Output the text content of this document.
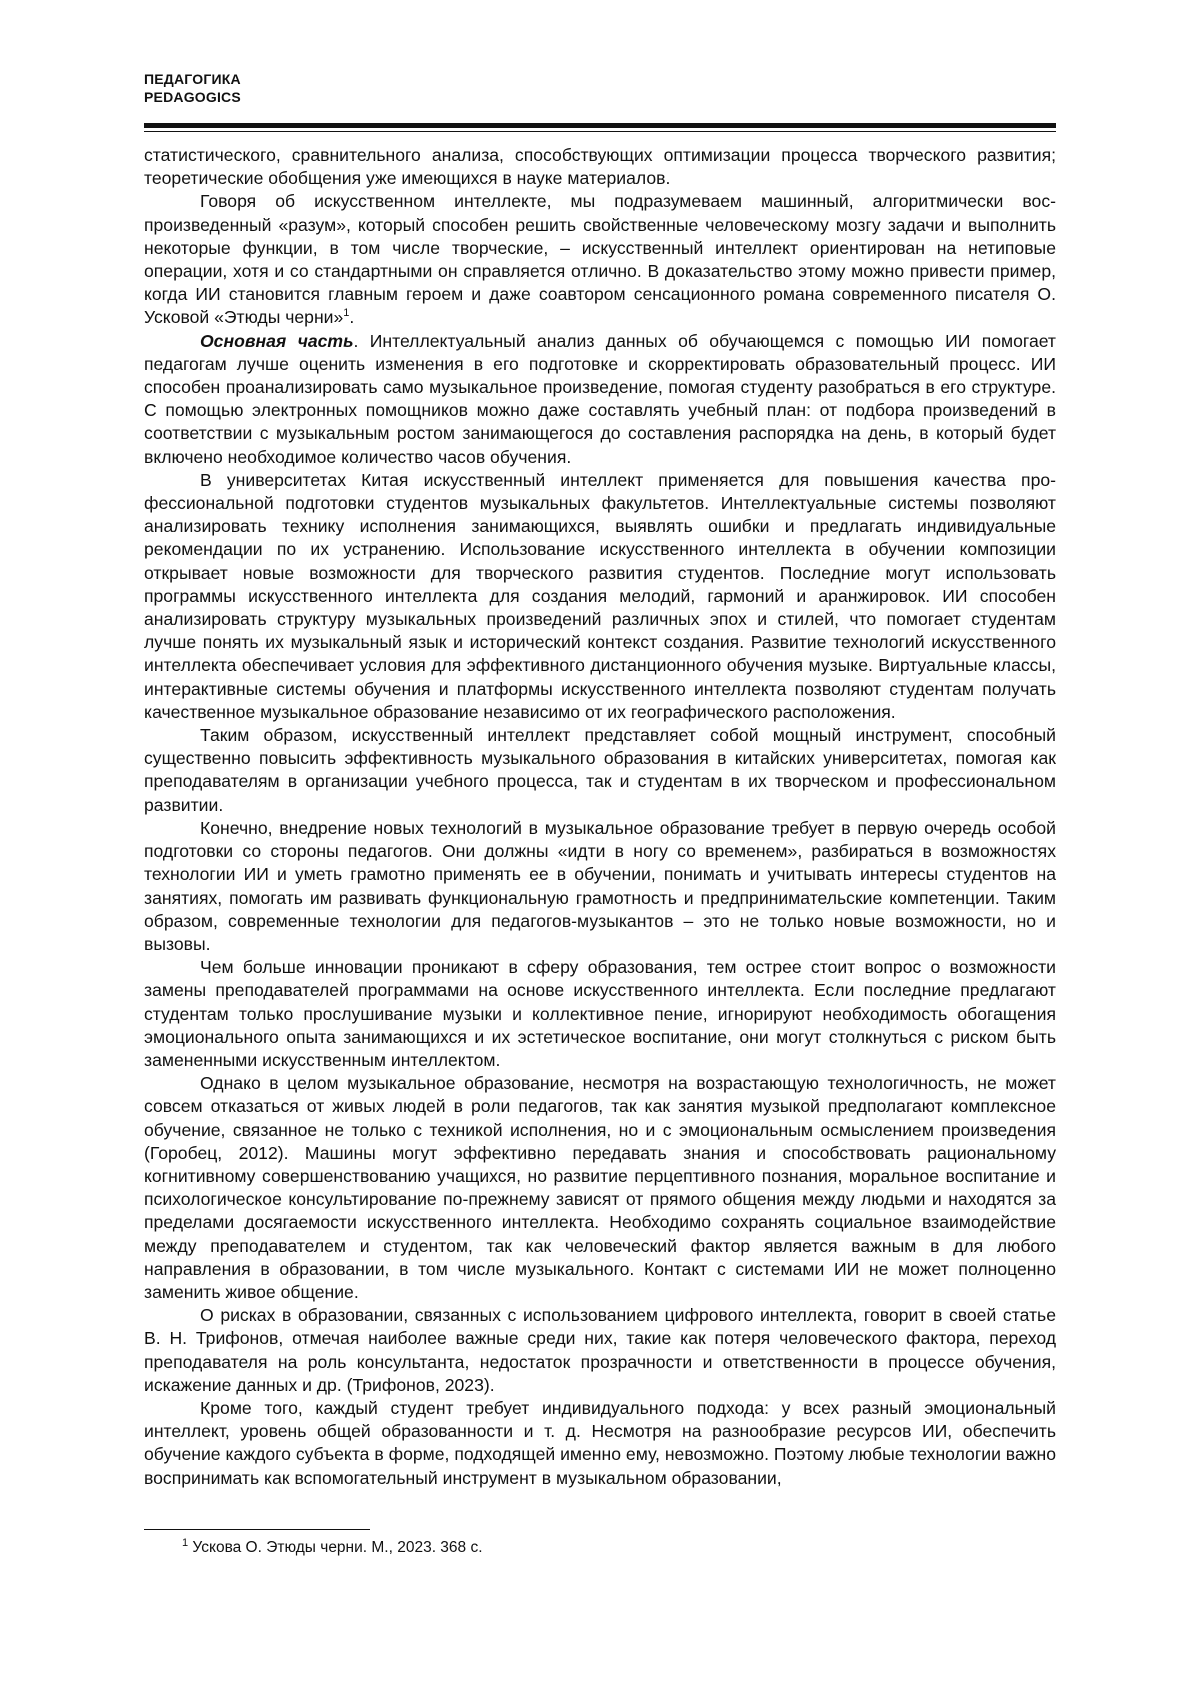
ПЕДАГОГИКА
PEDAGOGICS

статистического, сравнительного анализа, способствующих оптимизации процесса творческого развития; теоретические обобщения уже имеющихся в науке материалов.

Говоря об искусственном интеллекте, мы подразумеваем машинный, алгоритмически воспроизведенный «разум», который способен решить свойственные человеческому мозгу задачи и выполнить некоторые функции, в том числе творческие, – искусственный интеллект ориентирован на нетиповые операции, хотя и со стандартными он справляется отлично. В доказательство этому можно привести пример, когда ИИ становится главным героем и даже соавтором сенсационного романа современного писателя О. Усковой «Этюды черни»$^1$.

Основная часть. Интеллектуальный анализ данных об обучающемся с помощью ИИ помогает педагогам лучше оценить изменения в его подготовке и скорректировать образовательный процесс. ИИ способен проанализировать само музыкальное произведение, помогая студенту разобраться в его структуре. С помощью электронных помощников можно даже составлять учебный план: от подбора произведений в соответствии с музыкальным ростом занимающегося до составления распорядка на день, в который будет включено необходимое количество часов обучения.

В университетах Китая искусственный интеллект применяется для повышения качества профессиональной подготовки студентов музыкальных факультетов. Интеллектуальные системы позволяют анализировать технику исполнения занимающихся, выявлять ошибки и предлагать индивидуальные рекомендации по их устранению. Использование искусственного интеллекта в обучении композиции открывает новые возможности для творческого развития студентов. Последние могут использовать программы искусственного интеллекта для создания мелодий, гармоний и аранжировок. ИИ способен анализировать структуру музыкальных произведений различных эпох и стилей, что помогает студентам лучше понять их музыкальный язык и исторический контекст создания. Развитие технологий искусственного интеллекта обеспечивает условия для эффективного дистанционного обучения музыке. Виртуальные классы, интерактивные системы обучения и платформы искусственного интеллекта позволяют студентам получать качественное музыкальное образование независимо от их географического расположения.

Таким образом, искусственный интеллект представляет собой мощный инструмент, способный существенно повысить эффективность музыкального образования в китайских университетах, помогая как преподавателям в организации учебного процесса, так и студентам в их творческом и профессиональном развитии.

Конечно, внедрение новых технологий в музыкальное образование требует в первую очередь особой подготовки со стороны педагогов. Они должны «идти в ногу со временем», разбираться в возможностях технологии ИИ и уметь грамотно применять ее в обучении, понимать и учитывать интересы студентов на занятиях, помогать им развивать функциональную грамотность и предпринимательские компетенции. Таким образом, современные технологии для педагогов-музыкантов – это не только новые возможности, но и вызовы.

Чем больше инновации проникают в сферу образования, тем острее стоит вопрос о возможности замены преподавателей программами на основе искусственного интеллекта. Если последние предлагают студентам только прослушивание музыки и коллективное пение, игнорируют необходимость обогащения эмоционального опыта занимающихся и их эстетическое воспитание, они могут столкнуться с риском быть замененными искусственным интеллектом.

Однако в целом музыкальное образование, несмотря на возрастающую технологичность, не может совсем отказаться от живых людей в роли педагогов, так как занятия музыкой предполагают комплексное обучение, связанное не только с техникой исполнения, но и с эмоциональным осмыслением произведения (Горобец, 2012). Машины могут эффективно передавать знания и способствовать рациональному когнитивному совершенствованию учащихся, но развитие перцептивного познания, моральное воспитание и психологическое консультирование по-прежнему зависят от прямого общения между людьми и находятся за пределами досягаемости искусственного интеллекта. Необходимо сохранять социальное взаимодействие между преподавателем и студентом, так как человеческий фактор является важным в для любого направления в образовании, в том числе музыкального. Контакт с системами ИИ не может полноценно заменить живое общение.

О рисках в образовании, связанных с использованием цифрового интеллекта, говорит в своей статье В. Н. Трифонов, отмечая наиболее важные среди них, такие как потеря человеческого фактора, переход преподавателя на роль консультанта, недостаток прозрачности и ответственности в процессе обучения, искажение данных и др. (Трифонов, 2023).

Кроме того, каждый студент требует индивидуального подхода: у всех разный эмоциональный интеллект, уровень общей образованности и т. д. Несмотря на разнообразие ресурсов ИИ, обеспечить обучение каждого субъекта в форме, подходящей именно ему, невозможно. Поэтому любые технологии важно воспринимать как вспомогательный инструмент в музыкальном образовании,

$^1$ Ускова О. Этюды черни. М., 2023. 368 с.
